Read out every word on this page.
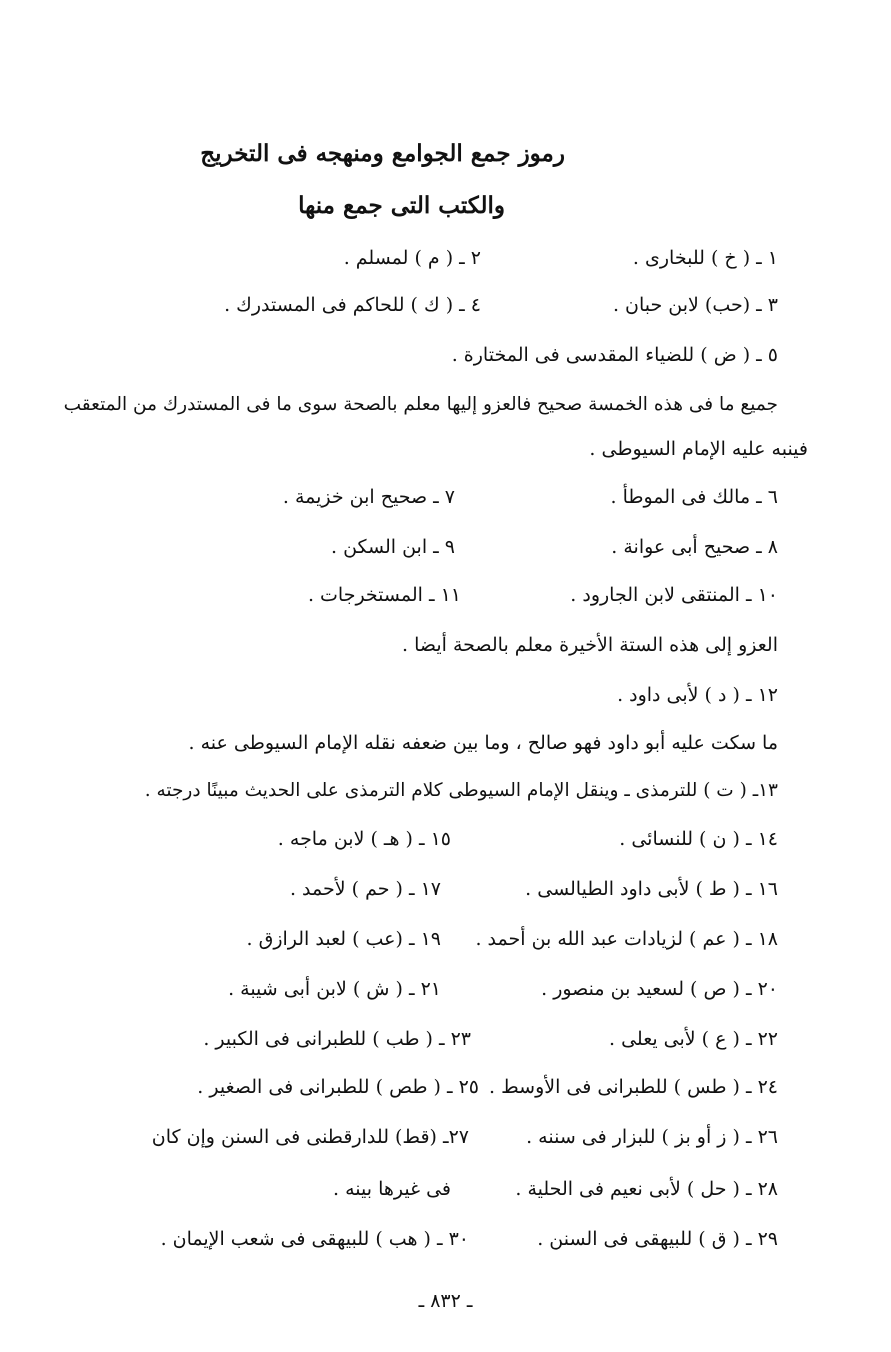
رموز جمع الجوامع ومنهجه فى التخريج
والكتب التى جمع منها
١ ـ ( خ ) للبخارى .
٢ ـ ( م ) لمسلم .
٣ ـ (حب) لابن حبان .
٤ ـ ( ك ) للحاكم فى المستدرك .
٥ ـ ( ض ) للضياء المقدسى فى المختارة .
جميع ما فى هذه الخمسة صحيح فالعزو إليها معلم بالصحة سوى ما فى المستدرك من المتعقب
فينبه عليه الإمام السيوطى .
٦ ـ مالك فى الموطأ .
٧ ـ صحيح ابن خزيمة .
٨ ـ صحيح أبى عوانة .
٩ ـ ابن السكن .
١٠ ـ المنتقى لابن الجارود .
١١ ـ المستخرجات .
العزو إلى هذه الستة الأخيرة معلم بالصحة أيضا .
١٢ ـ ( د ) لأبى داود .
ما سكت عليه أبو داود فهو صالح ، وما بين ضعفه نقله الإمام السيوطى عنه .
١٣ـ ( ت ) للترمذى ـ وينقل الإمام السيوطى كلام الترمذى على الحديث مبينًا درجته .
١٤ ـ ( ن ) للنسائى .
١٥ ـ ( هـ ) لابن ماجه .
١٦ ـ ( ط ) لأبى داود الطيالسى .
١٧ ـ ( حم ) لأحمد .
١٨ ـ ( عم ) لزيادات عبد الله بن أحمد .
١٩ ـ (عب ) لعبد الرازق .
٢٠ ـ ( ص ) لسعيد بن منصور .
٢١ ـ ( ش ) لابن أبى شيبة .
٢٢ ـ ( ع ) لأبى يعلى .
٢٣ ـ ( طب ) للطبرانى فى الكبير .
٢٤ ـ ( طس ) للطبرانى فى الأوسط .
٢٥ ـ ( طص ) للطبرانى فى الصغير .
٢٦ ـ ( ز أو بز ) للبزار فى سننه .
٢٧ـ (قط) للدارقطنى فى السنن وإن كان
٢٨ ـ ( حل ) لأبى نعيم فى الحلية .
فى غيرها بينه .
٢٩ ـ ( ق ) للبيهقى فى السنن .
٣٠ ـ ( هب ) للبيهقى فى شعب الإيمان .
ـ ٨٣٢ ـ
